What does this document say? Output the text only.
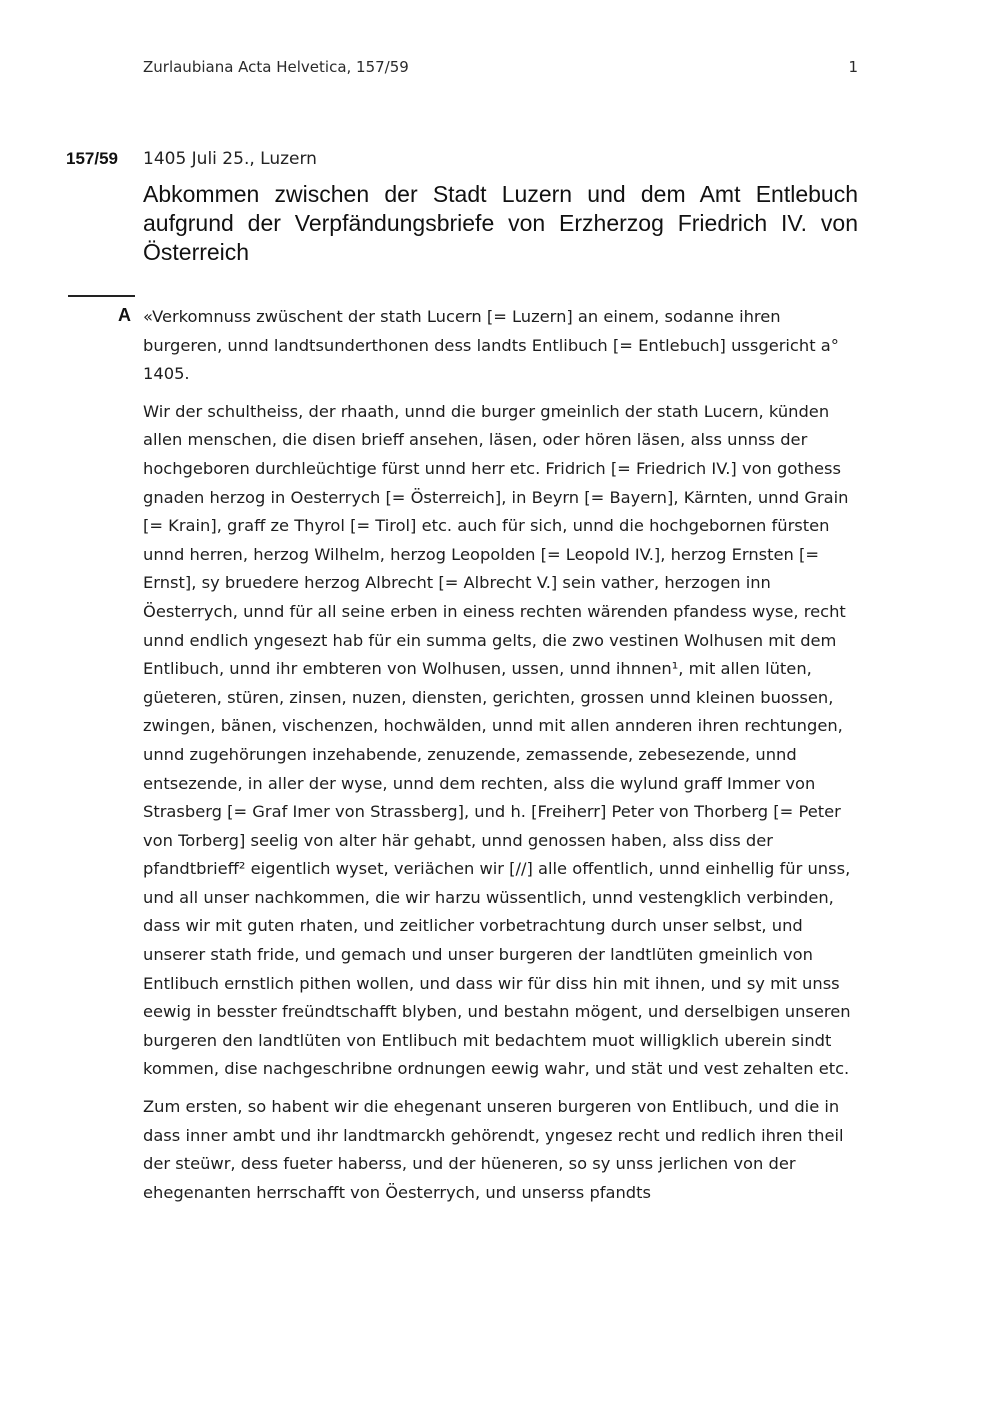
Zurlaubiana Acta Helvetica, 157/59	1
157/59 1405 Juli 25., Luzern
Abkommen zwischen der Stadt Luzern und dem Amt Entlebuch aufgrund der Verpfändungsbriefe von Erzherzog Friedrich IV. von Österreich
A «Verkomnuss zwüschent der stath Lucern [= Luzern] an einem, sodanne ihren burgeren, unnd landtsunderthonen dess landts Entlibuch [= Entlebuch] ussgericht a° 1405.

Wir der schultheiss, der rhaath, unnd die burger gmeinlich der stath Lucern, künden allen menschen, die disen brieff ansehen, läsen, oder hören läsen, alss unnss der hochgeboren durchleüchtige fürst unnd herr etc. Fridrich [= Friedrich IV.] von gothess gnaden herzog in Oesterrych [= Österreich], in Beyrn [= Bayern], Kärnten, unnd Grain [= Krain], graff ze Thyrol [= Tirol] etc. auch für sich, unnd die hochgebornen fürsten unnd herren, herzog Wilhelm, herzog Leopolden [= Leopold IV.], herzog Ernsten [= Ernst], sy bruedere herzog Albrecht [= Albrecht V.] sein vather, herzogen inn Öesterrych, unnd für all seine erben in einess rechten wärenden pfandess wyse, recht unnd endlich yngesezt hab für ein summa gelts, die zwo vestinen Wolhusen mit dem Entlibuch, unnd ihr embteren von Wolhusen, ussen, unnd ihnnen¹, mit allen lüten, güeteren, stüren, zinsen, nuzen, diensten, gerichten, grossen unnd kleinen buossen, zwingen, bänen, vischenzen, hochwälden, unnd mit allen annderen ihren rechtungen, unnd zugehörungen inzehabende, zenuzende, zemassende, zebesezende, unnd entsezende, in aller der wyse, unnd dem rechten, alss die wylund graff Immer von Strasberg [= Graf Imer von Strassberg], und h. [Freiherr] Peter von Thorberg [= Peter von Torberg] seelig von alter här gehabt, unnd genossen haben, alss diss der pfandtbrieff² eigentlich wyset, veriächen wir [//] alle offentlich, unnd einhellig für unss, und all unser nachkommen, die wir harzu wüssentlich, unnd vestengklich verbinden, dass wir mit guten rhaten, und zeitlicher vorbetrachtung durch unser selbst, und unserer stath fride, und gemach und unser burgeren der landtlüten gmeinlich von Entlibuch ernstlich pithen wollen, und dass wir für diss hin mit ihnen, und sy mit unss eewig in besster freündtschafft blyben, und bestahn mögent, und derselbigen unseren burgeren den landtlüten von Entlibuch mit bedachtem muot willigklich uberein sindt kommen, dise nachgeschribne ordnungen eewig wahr, und stät und vest zehalten etc.

Zum ersten, so habent wir die ehegenant unseren burgeren von Entlibuch, und die in dass inner ambt und ihr landtmarckh gehörendt, yngesez recht und redlich ihren theil der steüwr, dess fueter haberss, und der hüeneren, so sy unss jerlichen von der ehegenanten herrschafft von Öesterrych, und unserss pfandts
